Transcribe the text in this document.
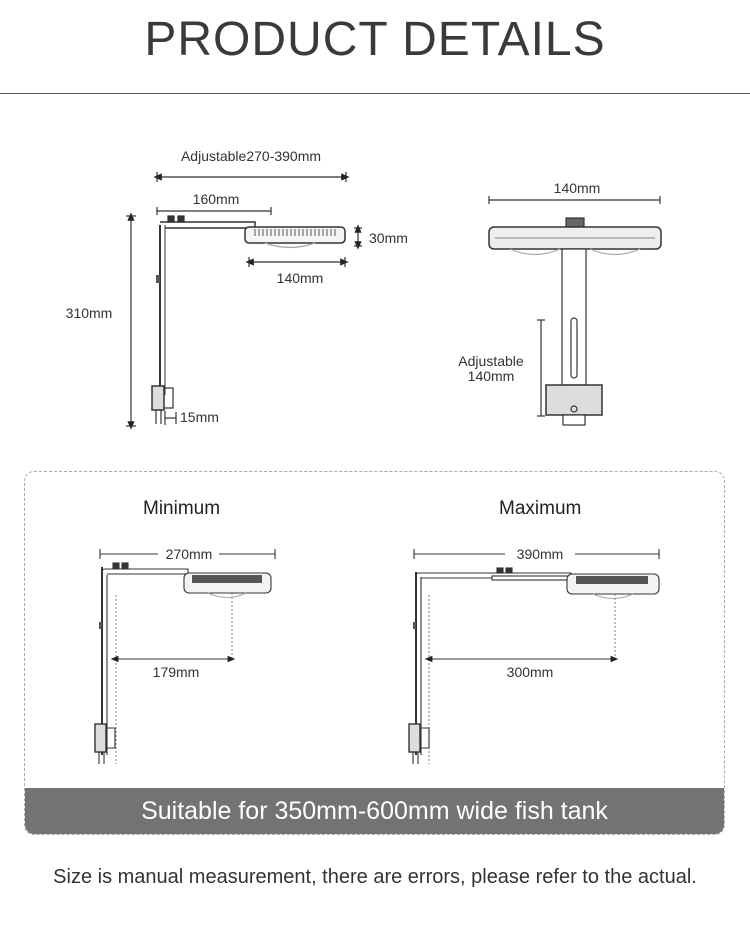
PRODUCT DETAILS
Adjustable270-390mm
160mm
30mm
140mm
310mm
15mm
140mm
Adjustable
140mm
Minimum	Maximum
270mm
179mm
390mm
300mm
Suitable for 350mm-600mm wide fish tank
Size is manual measurement, there are errors, please refer to the actual.
